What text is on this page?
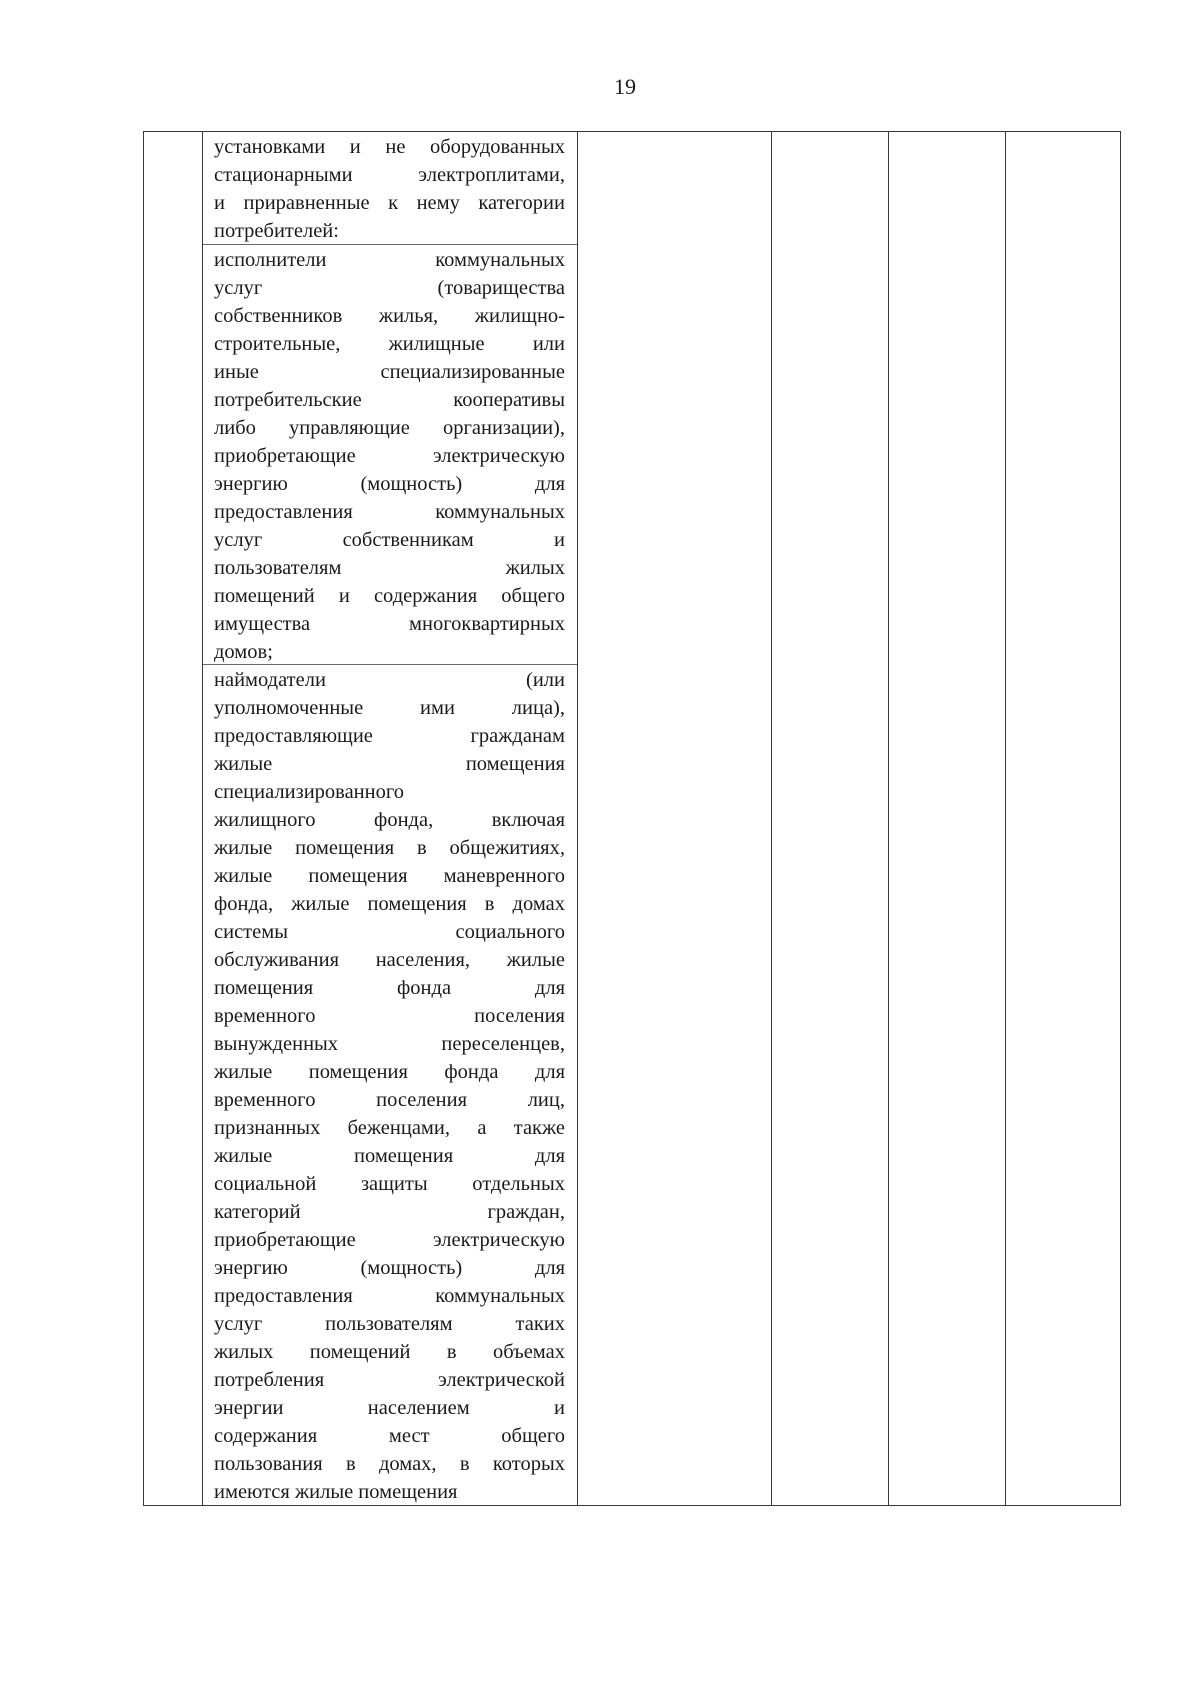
19
установками и не оборудованных
стационарными электроплитами,
и приравненные к нему категории
потребителей:
исполнители коммунальных
услуг (товарищества
собственников жилья, жилищно-
строительные, жилищные или
иные специализированные
потребительские кооперативы
либо управляющие организации),
приобретающие электрическую
энергию (мощность) для
предоставления коммунальных
услуг собственникам и
пользователям жилых
помещений и содержания общего
имущества многоквартирных
домов;
наймодатели (или
уполномоченные ими лица),
предоставляющие гражданам
жилые помещения
специализированного
жилищного фонда, включая
жилые помещения в общежитиях,
жилые помещения маневренного
фонда, жилые помещения в домах
системы социального
обслуживания населения, жилые
помещения фонда для
временного поселения
вынужденных переселенцев,
жилые помещения фонда для
временного поселения лиц,
признанных беженцами, а также
жилые помещения для
социальной защиты отдельных
категорий граждан,
приобретающие электрическую
энергию (мощность) для
предоставления коммунальных
услуг пользователям таких
жилых помещений в объемах
потребления электрической
энергии населением и
содержания мест общего
пользования в домах, в которых
имеются жилые помещения
